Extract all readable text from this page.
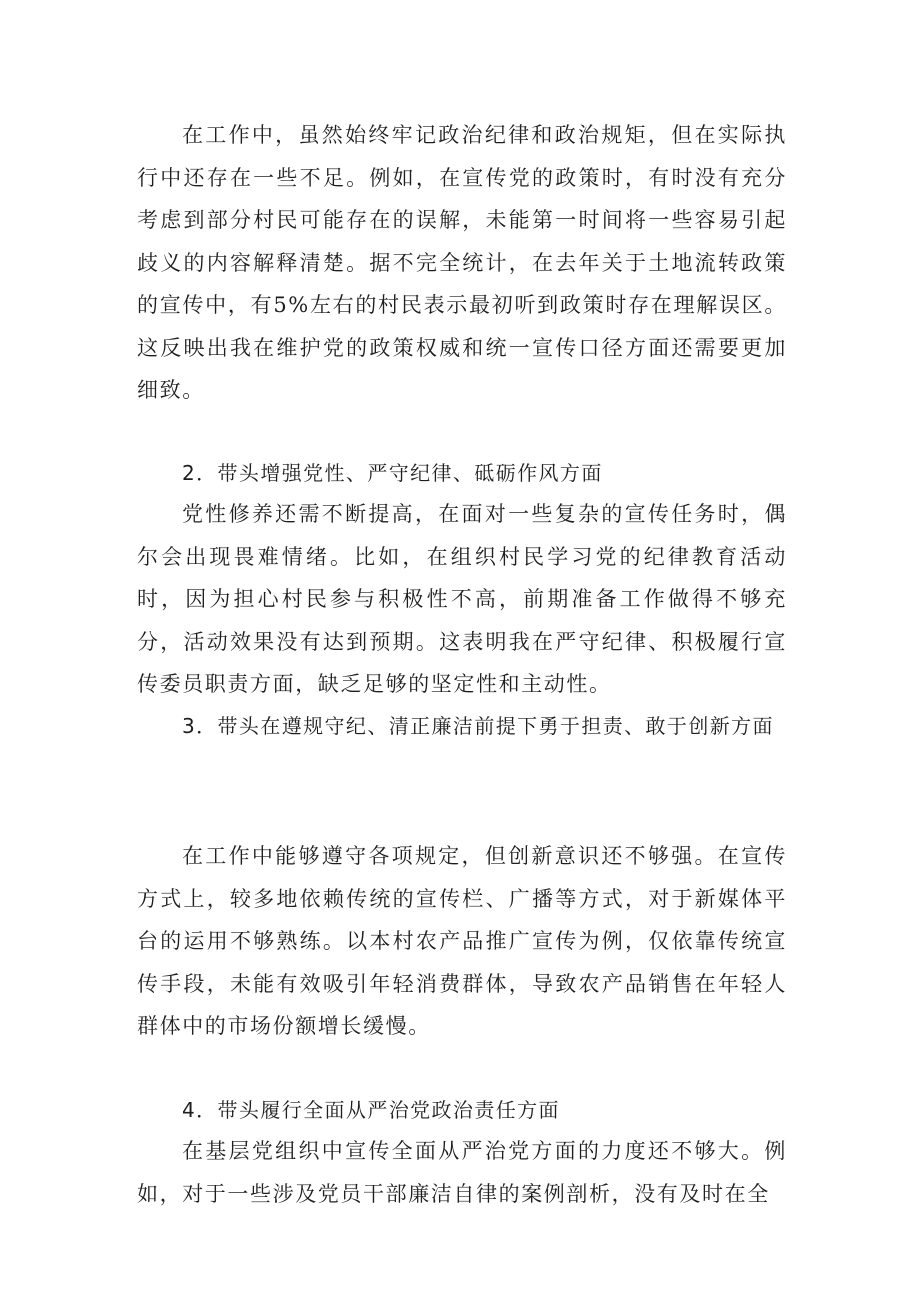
在工作中，虽然始终牢记政治纪律和政治规矩，但在实际执行中还存在一些不足。例如，在宣传党的政策时，有时没有充分考虑到部分村民可能存在的误解，未能第一时间将一些容易引起歧义的内容解释清楚。据不完全统计，在去年关于土地流转政策的宣传中，有5%左右的村民表示最初听到政策时存在理解误区。这反映出我在维护党的政策权威和统一宣传口径方面还需要更加细致。

2．带头增强党性、严守纪律、砥砺作风方面

党性修养还需不断提高，在面对一些复杂的宣传任务时，偶尔会出现畏难情绪。比如，在组织村民学习党的纪律教育活动时，因为担心村民参与积极性不高，前期准备工作做得不够充分，活动效果没有达到预期。这表明我在严守纪律、积极履行宣传委员职责方面，缺乏足够的坚定性和主动性。

3．带头在遵规守纪、清正廉洁前提下勇于担责、敢于创新方面

在工作中能够遵守各项规定，但创新意识还不够强。在宣传方式上，较多地依赖传统的宣传栏、广播等方式，对于新媒体平台的运用不够熟练。以本村农产品推广宣传为例，仅依靠传统宣传手段，未能有效吸引年轻消费群体，导致农产品销售在年轻人群体中的市场份额增长缓慢。

4．带头履行全面从严治党政治责任方面

在基层党组织中宣传全面从严治党方面的力度还不够大。例如，对于一些涉及党员干部廉洁自律的案例剖析，没有及时在全
